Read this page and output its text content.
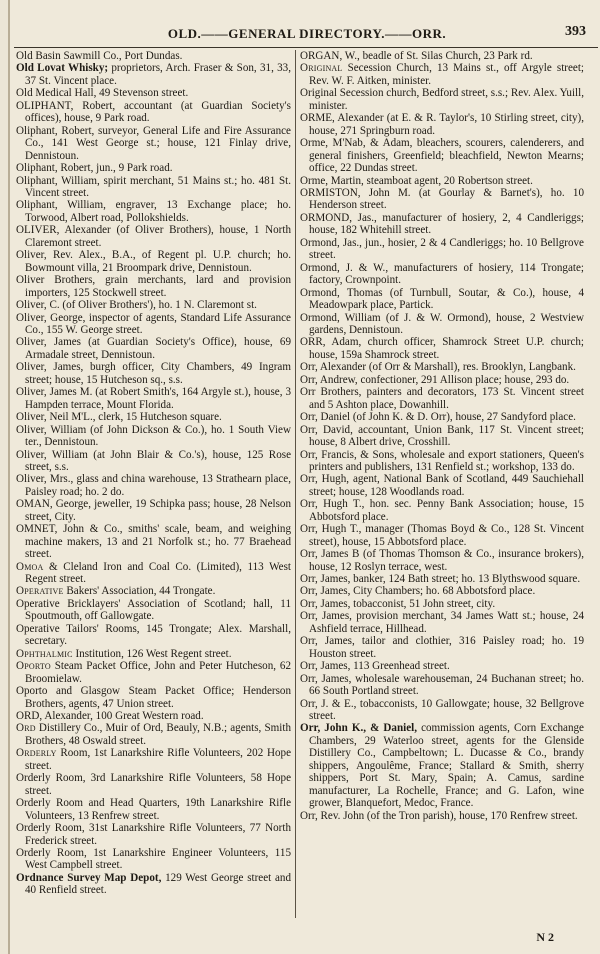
OLD.——GENERAL DIRECTORY.——ORR.	393

Old Basin Sawmill Co., Port Dundas.

Old Lovat Whisky; proprietors, Arch. Fraser & Son, 31, 33, 37 St. Vincent place.

Old Medical Hall, 49 Stevenson street.

OLIPHANT, Robert, accountant (at Guardian Society's offices), house, 9 Park road.

Oliphant, Robert, surveyor, General Life and Fire Assurance Co., 141 West George st.; house, 121 Finlay drive, Dennistoun.

Oliphant, Robert, jun., 9 Park road.

Oliphant, William, spirit merchant, 51 Mains st.; ho. 481 St. Vincent street.

Oliphant, William, engraver, 13 Exchange place; ho. Torwood, Albert road, Pollokshields.

OLIVER, Alexander (of Oliver Brothers), house, 1 North Claremont street.

Oliver, Rev. Alex., B.A., of Regent pl. U.P. church; ho. Bowmount villa, 21 Broompark drive, Dennistoun.

Oliver Brothers, grain merchants, lard and provision importers, 125 Stockwell street.

Oliver, C. (of Oliver Brothers'), ho. 1 N. Claremont st.

Oliver, George, inspector of agents, Standard Life Assurance Co., 155 W. George street.

Oliver, James (at Guardian Society's Office), house, 69 Armadale street, Dennistoun.

Oliver, James, burgh officer, City Chambers, 49 Ingram street; house, 15 Hutcheson sq., s.s.

Oliver, James M. (at Robert Smith's, 164 Argyle st.), house, 3 Hampden terrace, Mount Florida.

Oliver, Neil M'L., clerk, 15 Hutcheson square.

Oliver, William (of John Dickson & Co.), ho. 1 South View ter., Dennistoun.

Oliver, William (at John Blair & Co.'s), house, 125 Rose street, s.s.

Oliver, Mrs., glass and china warehouse, 13 Strathearn place, Paisley road; ho. 2 do.

OMAN, George, jeweller, 19 Schipka pass; house, 28 Nelson street, City.

OMNET, John & Co., smiths' scale, beam, and weighing machine makers, 13 and 21 Norfolk st.; ho. 77 Braehead street.

Omoa & Cleland Iron and Coal Co. (Limited), 113 West Regent street.

Operative Bakers' Association, 44 Trongate.

Operative Bricklayers' Association of Scotland; hall, 11 Spoutmouth, off Gallowgate.

Operative Tailors' Rooms, 145 Trongate; Alex. Marshall, secretary.

Ophthalmic Institution, 126 West Regent street.

Oporto Steam Packet Office, John and Peter Hutcheson, 62 Broomielaw.

Oporto and Glasgow Steam Packet Office; Henderson Brothers, agents, 47 Union street.

ORD, Alexander, 100 Great Western road.

Ord Distillery Co., Muir of Ord, Beauly, N.B.; agents, Smith Brothers, 48 Oswald street.

Orderly Room, 1st Lanarkshire Rifle Volunteers, 202 Hope street.

Orderly Room, 3rd Lanarkshire Rifle Volunteers, 58 Hope street.

Orderly Room and Head Quarters, 19th Lanarkshire Rifle Volunteers, 13 Renfrew street.

Orderly Room, 31st Lanarkshire Rifle Volunteers, 77 North Frederick street.

Orderly Room, 1st Lanarkshire Engineer Volunteers, 115 West Campbell street.

Ordnance Survey Map Depot, 129 West George street and 40 Renfield street.

ORGAN, W., beadle of St. Silas Church, 23 Park rd.

Original Secession Church, 13 Mains st., off Argyle street; Rev. W. F. Aitken, minister.

Original Secession church, Bedford street, s.s.; Rev. Alex. Yuill, minister.

ORME, Alexander (at E. & R. Taylor's, 10 Stirling street, city), house, 271 Springburn road.

Orme, M'Nab, & Adam, bleachers, scourers, calenderers, and general finishers, Greenfield; bleachfield, Newton Mearns; office, 22 Dundas street.

Orme, Martin, steamboat agent, 20 Robertson street.

ORMISTON, John M. (at Gourlay & Barnet's), ho. 10 Henderson street.

ORMOND, Jas., manufacturer of hosiery, 2, 4 Candleriggs; house, 182 Whitehill street.

Ormond, Jas., jun., hosier, 2 & 4 Candleriggs; ho. 10 Bellgrove street.

Ormond, J. & W., manufacturers of hosiery, 114 Trongate; factory, Crownpoint.

Ormond, Thomas (of Turnbull, Soutar, & Co.), house, 4 Meadowpark place, Partick.

Ormond, William (of J. & W. Ormond), house, 2 Westview gardens, Dennistoun.

ORR, Adam, church officer, Shamrock Street U.P. church; house, 159a Shamrock street.

Orr, Alexander (of Orr & Marshall), res. Brooklyn, Langbank.

Orr, Andrew, confectioner, 291 Allison place; house, 293 do.

Orr Brothers, painters and decorators, 173 St. Vincent street and 5 Ashton place, Dowanhill.

Orr, Daniel (of John K. & D. Orr), house, 27 Sandyford place.

Orr, David, accountant, Union Bank, 117 St. Vincent street; house, 8 Albert drive, Crosshill.

Orr, Francis, & Sons, wholesale and export stationers, Queen's printers and publishers, 131 Renfield st.; workshop, 133 do.

Orr, Hugh, agent, National Bank of Scotland, 449 Sauchiehall street; house, 128 Woodlands road.

Orr, Hugh T., hon. sec. Penny Bank Association; house, 15 Abbotsford place.

Orr, Hugh T., manager (Thomas Boyd & Co., 128 St. Vincent street), house, 15 Abbotsford place.

Orr, James B (of Thomas Thomson & Co., insurance brokers), house, 12 Roslyn terrace, west.

Orr, James, banker, 124 Bath street; ho. 13 Blythswood square.

Orr, James, City Chambers; ho. 68 Abbotsford place.

Orr, James, tobacconist, 51 John street, city.

Orr, James, provision merchant, 34 James Watt st.; house, 24 Ashfield terrace, Hillhead.

Orr, James, tailor and clothier, 316 Paisley road; ho. 19 Houston street.

Orr, James, 113 Greenhead street.

Orr, James, wholesale warehouseman, 24 Buchanan street; ho. 66 South Portland street.

Orr, J. & E., tobacconists, 10 Gallowgate; house, 32 Bellgrove street.

Orr, John K., & Daniel, commission agents, Corn Exchange Chambers, 29 Waterloo street, agents for the Glenside Distillery Co., Campbeltown; L. Ducasse & Co., brandy shippers, Angoulême, France; Stallard & Smith, sherry shippers, Port St. Mary, Spain; A. Camus, sardine manufacturer, La Rochelle, France; and G. Lafon, wine grower, Blanquefort, Medoc, France.

Orr, Rev. John (of the Tron parish), house, 170 Renfrew street.

N 2
